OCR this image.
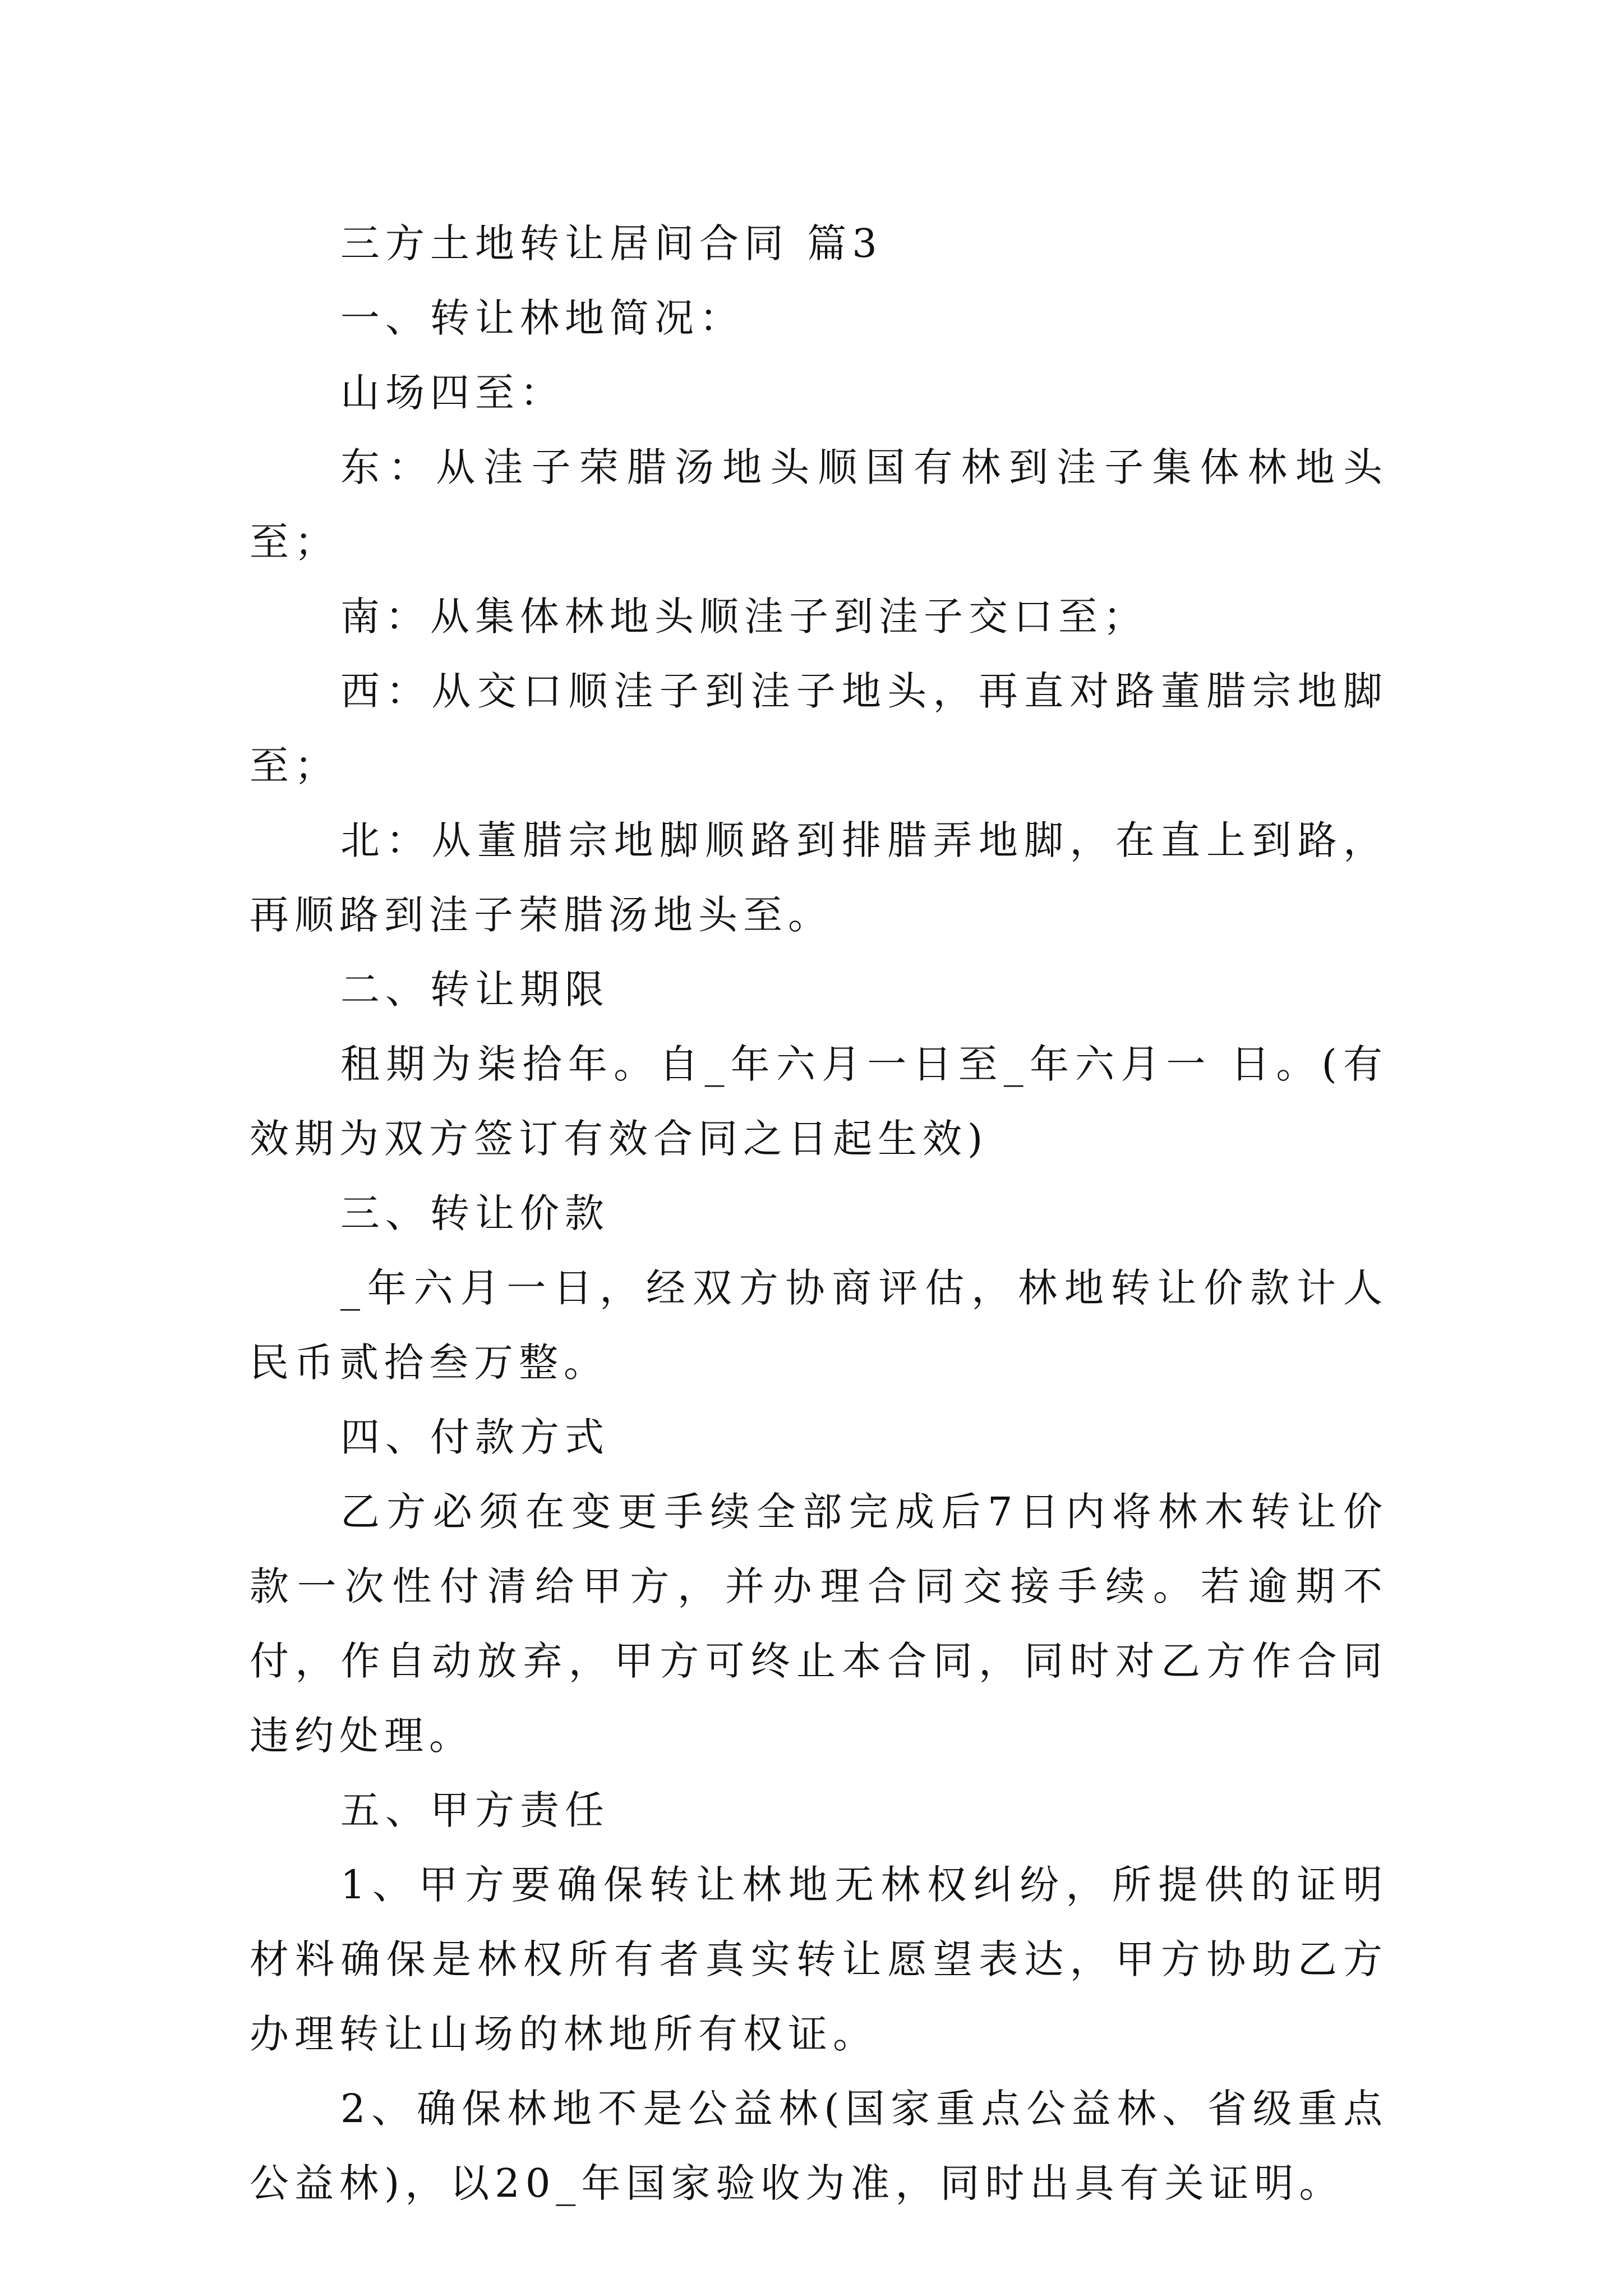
三方土地转让居间合同 篇3

一、转让林地简况：

山场四至：

东：从洼子荣腊汤地头顺国有林到洼子集体林地头至；

南：从集体林地头顺洼子到洼子交口至；

西：从交口顺洼子到洼子地头，再直对路董腊宗地脚至；

北：从董腊宗地脚顺路到排腊弄地脚，在直上到路，再顺路到洼子荣腊汤地头至。

二、转让期限

租期为柒拾年。自_年六月一日至_年六月一 日。(有效期为双方签订有效合同之日起生效)

三、转让价款

_年六月一日，经双方协商评估，林地转让价款计人民币贰拾叁万整。

四、付款方式

乙方必须在变更手续全部完成后7日内将林木转让价款一次性付清给甲方，并办理合同交接手续。若逾期不付，作自动放弃，甲方可终止本合同，同时对乙方作合同违约处理。

五、甲方责任

1、甲方要确保转让林地无林权纠纷，所提供的证明材料确保是林权所有者真实转让愿望表达，甲方协助乙方办理转让山场的林地所有权证。

2、确保林地不是公益林(国家重点公益林、省级重点公益林)，以20_年国家验收为准，同时出具有关证明。
